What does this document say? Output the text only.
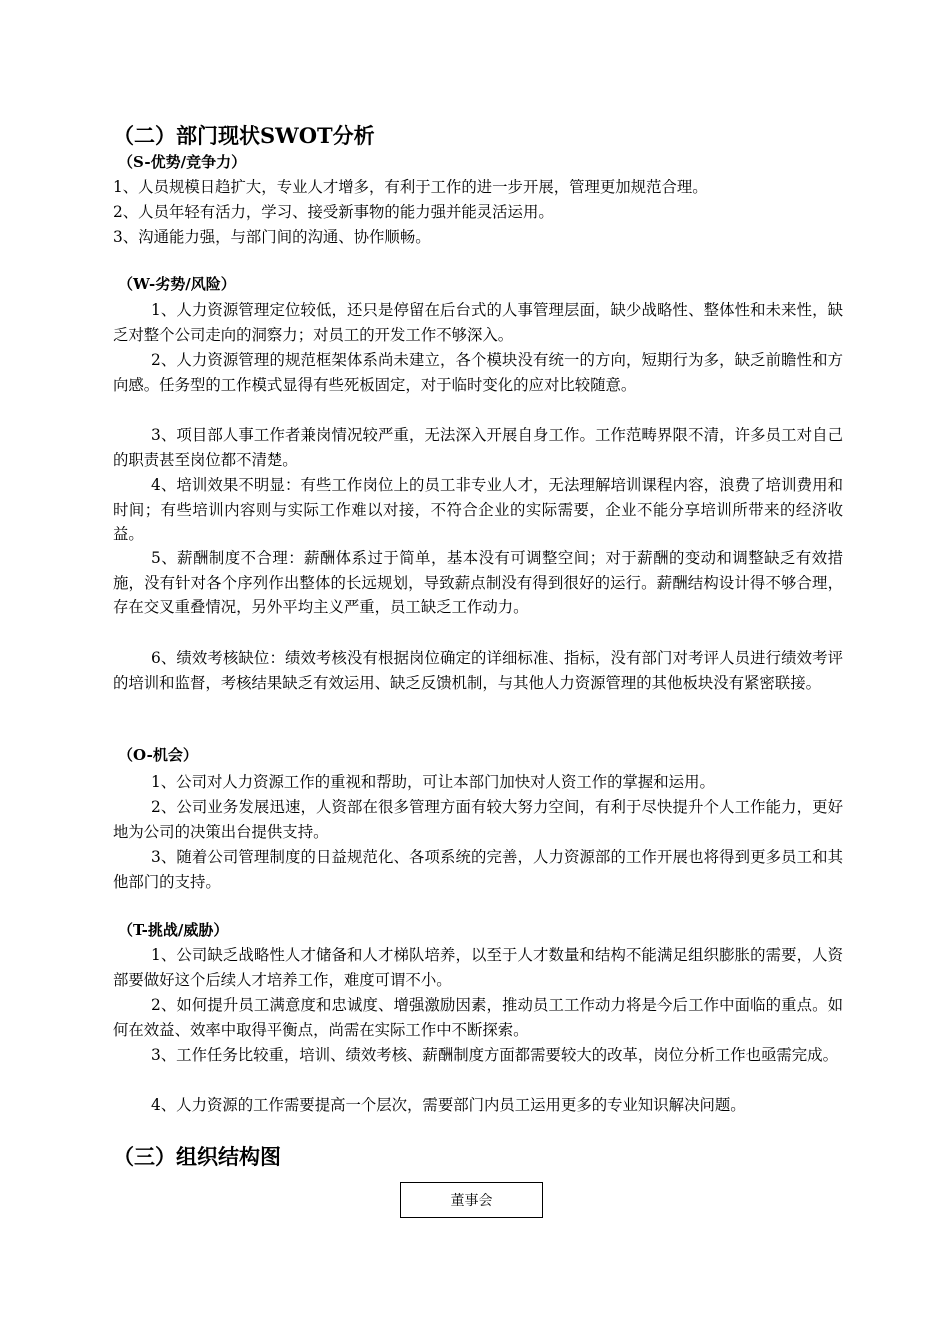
（二）部门现状SWOT分析
（S-优势/竞争力）
1、人员规模日趋扩大，专业人才增多，有利于工作的进一步开展，管理更加规范合理。
2、人员年轻有活力，学习、接受新事物的能力强并能灵活运用。
3、沟通能力强，与部门间的沟通、协作顺畅。
（W-劣势/风险）
1、人力资源管理定位较低，还只是停留在后台式的人事管理层面，缺少战略性、整体性和未来性，缺乏对整个公司走向的洞察力；对员工的开发工作不够深入。
2、人力资源管理的规范框架体系尚未建立，各个模块没有统一的方向，短期行为多，缺乏前瞻性和方向感。任务型的工作模式显得有些死板固定，对于临时变化的应对比较随意。
3、项目部人事工作者兼岗情况较严重，无法深入开展自身工作。工作范畴界限不清，许多员工对自己的职责甚至岗位都不清楚。
4、培训效果不明显：有些工作岗位上的员工非专业人才，无法理解培训课程内容，浪费了培训费用和时间；有些培训内容则与实际工作难以对接，不符合企业的实际需要，企业不能分享培训所带来的经济收益。
5、薪酬制度不合理：薪酬体系过于简单，基本没有可调整空间；对于薪酬的变动和调整缺乏有效措施，没有针对各个序列作出整体的长远规划，导致薪点制没有得到很好的运行。薪酬结构设计得不够合理，存在交叉重叠情况，另外平均主义严重，员工缺乏工作动力。
6、绩效考核缺位：绩效考核没有根据岗位确定的详细标准、指标，没有部门对考评人员进行绩效考评的培训和监督，考核结果缺乏有效运用、缺乏反馈机制，与其他人力资源管理的其他板块没有紧密联接。
（O-机会）
1、公司对人力资源工作的重视和帮助，可让本部门加快对人资工作的掌握和运用。
2、公司业务发展迅速，人资部在很多管理方面有较大努力空间，有利于尽快提升个人工作能力，更好地为公司的决策出台提供支持。
3、随着公司管理制度的日益规范化、各项系统的完善，人力资源部的工作开展也将得到更多员工和其他部门的支持。
（T-挑战/威胁）
1、公司缺乏战略性人才储备和人才梯队培养，以至于人才数量和结构不能满足组织膨胀的需要，人资部要做好这个后续人才培养工作，难度可谓不小。
2、如何提升员工满意度和忠诚度、增强激励因素，推动员工工作动力将是今后工作中面临的重点。如何在效益、效率中取得平衡点，尚需在实际工作中不断探索。
3、工作任务比较重，培训、绩效考核、薪酬制度方面都需要较大的改革，岗位分析工作也亟需完成。
4、人力资源的工作需要提高一个层次，需要部门内员工运用更多的专业知识解决问题。
（三）组织结构图
董事会
